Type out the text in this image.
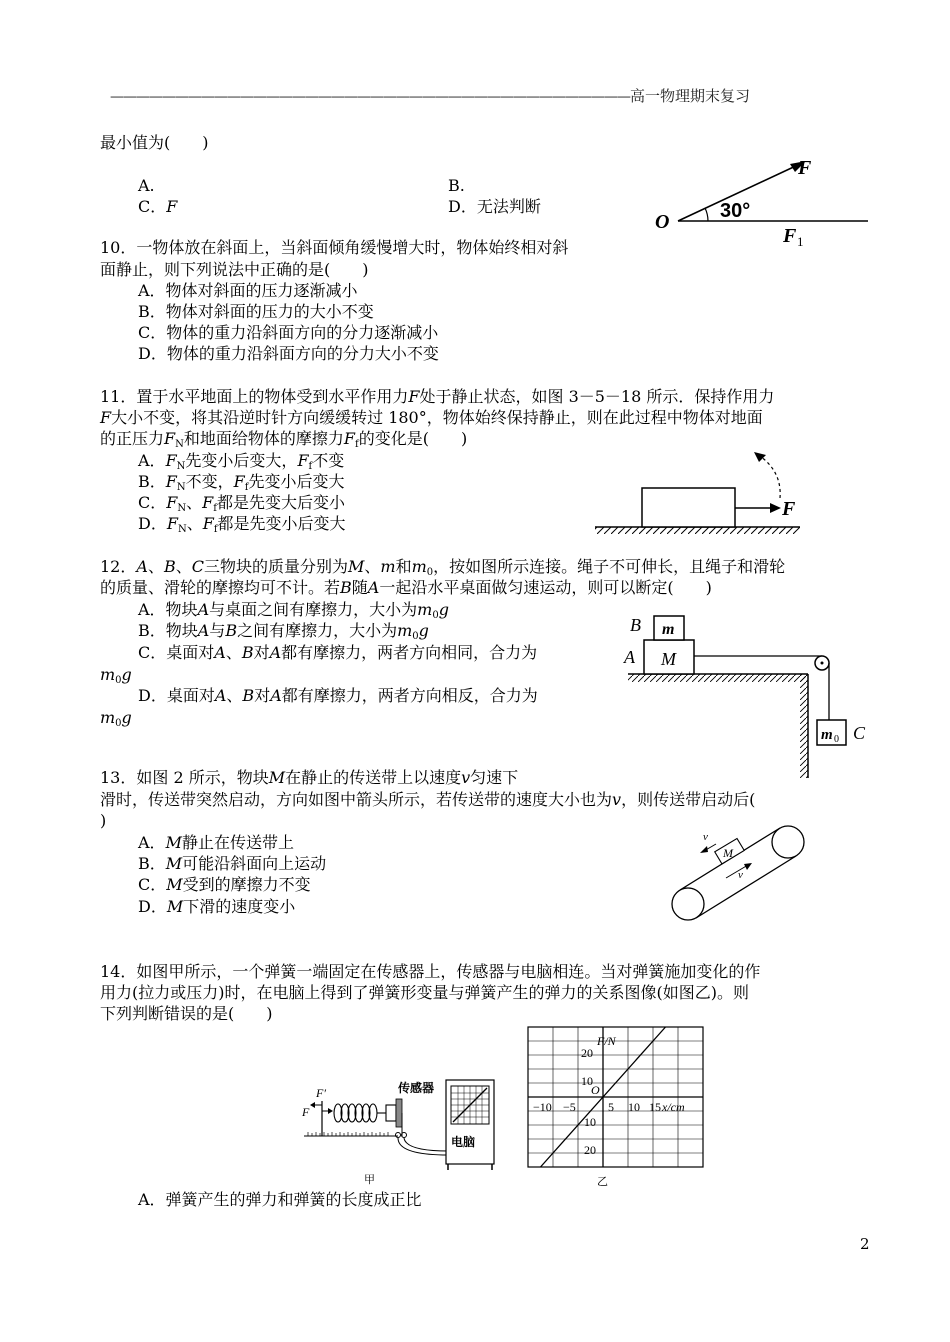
————————————————————————————————————————高一物理期末复习
最小值为(　　)
A.	B.
C．F	D．无法判断
F
O	30°
F 1
10．一物体放在斜面上，当斜面倾角缓慢增大时，物体始终相对斜
面静止，则下列说法中正确的是(　　)
A．物体对斜面的压力逐渐减小
B．物体对斜面的压力的大小不变
C．物体的重力沿斜面方向的分力逐渐减小
D．物体的重力沿斜面方向的分力大小不变
11．置于水平地面上的物体受到水平作用力F处于静止状态，如图 3－5－18 所示．保持作用力
F大小不变，将其沿逆时针方向缓缓转过 180°，物体始终保持静止，则在此过程中物体对地面
的正压力$F_N$和地面给物体的摩擦力$F_f$的变化是(　　)
A．$F_N$先变小后变大，$F_f$不变
B．$F_N$不变，$F_f$先变小后变大
C．$F_N$、$F_f$都是先变大后变小
D．$F_N$、$F_f$都是先变小后变大
F
12．A、B、C三物块的质量分别为M、m和$m_0$，按如图所示连接。绳子不可伸长，且绳子和滑轮
的质量、滑轮的摩擦均可不计。若B随A一起沿水平桌面做匀速运动，则可以断定(　　)
A．物块A与桌面之间有摩擦力，大小为$m_0g$
B．物块A与B之间有摩擦力，大小为$m_0g$
C．桌面对A、B对A都有摩擦力，两者方向相同，合力为
$m_0g$
D．桌面对A、B对A都有摩擦力，两者方向相反，合力为
$m_0g$
m
M
m 0
B
A
C
13．如图 2 所示，物块M在静止的传送带上以速度v匀速下
滑时，传送带突然启动，方向如图中箭头所示，若传送带的速度大小也为v，则传送带启动后(
)
A．M静止在传送带上
B．M可能沿斜面向上运动
C．M受到的摩擦力不变
D．M下滑的速度变小
M
v
v
14．如图甲所示，一个弹簧一端固定在传感器上，传感器与电脑相连。当对弹簧施加变化的作
用力(拉力或压力)时，在电脑上得到了弹簧形变量与弹簧产生的弹力的关系图像(如图乙)。则
下列判断错误的是(　　)
F′
F
传感器
电脑
甲
F/N
x/cm
O
20
10
10
20
−10 −5	5 10 15
乙
A．弹簧产生的弹力和弹簧的长度成正比
2
